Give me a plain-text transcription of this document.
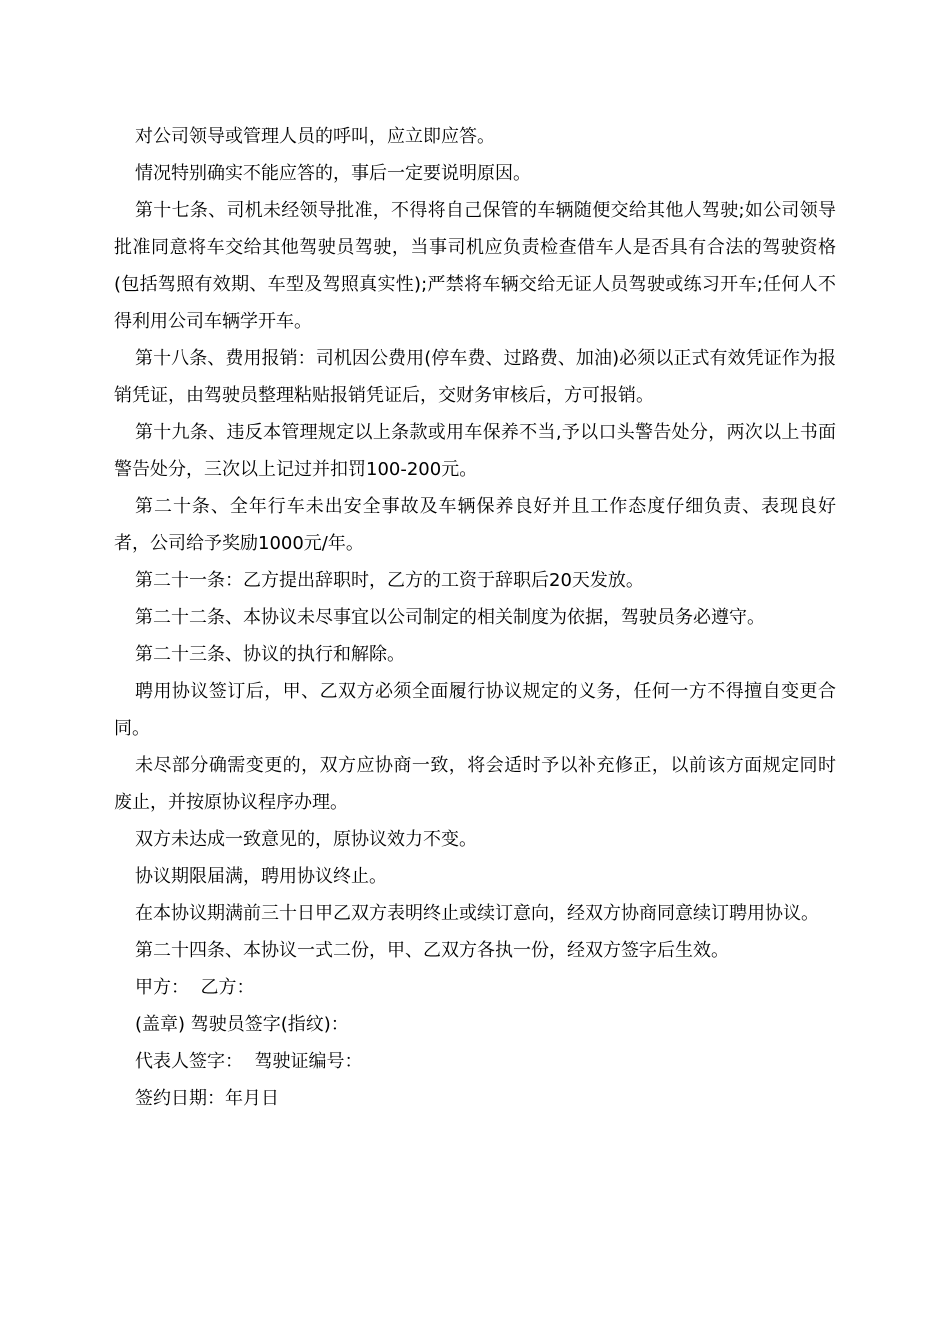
对公司领导或管理人员的呼叫，应立即应答。

情况特别确实不能应答的，事后一定要说明原因。

第十七条、司机未经领导批准，不得将自己保管的车辆随便交给其他人驾驶;如公司领导批准同意将车交给其他驾驶员驾驶，当事司机应负责检查借车人是否具有合法的驾驶资格(包括驾照有效期、车型及驾照真实性);严禁将车辆交给无证人员驾驶或练习开车;任何人不得利用公司车辆学开车。

第十八条、费用报销：司机因公费用(停车费、过路费、加油)必须以正式有效凭证作为报销凭证，由驾驶员整理粘贴报销凭证后，交财务审核后，方可报销。

第十九条、违反本管理规定以上条款或用车保养不当,予以口头警告处分，两次以上书面警告处分，三次以上记过并扣罚100-200元。

第二十条、全年行车未出安全事故及车辆保养良好并且工作态度仔细负责、表现良好者，公司给予奖励1000元/年。

第二十一条：乙方提出辞职时，乙方的工资于辞职后20天发放。

第二十二条、本协议未尽事宜以公司制定的相关制度为依据，驾驶员务必遵守。

第二十三条、协议的执行和解除。

聘用协议签订后，甲、乙双方必须全面履行协议规定的义务，任何一方不得擅自变更合同。

未尽部分确需变更的，双方应协商一致，将会适时予以补充修正，以前该方面规定同时废止，并按原协议程序办理。

双方未达成一致意见的，原协议效力不变。

协议期限届满，聘用协议终止。

在本协议期满前三十日甲乙双方表明终止或续订意向，经双方协商同意续订聘用协议。

第二十四条、本协议一式二份，甲、乙双方各执一份，经双方签字后生效。

甲方：  乙方：

(盖章) 驾驶员签字(指纹)：

代表人签字：  驾驶证编号：

签约日期：年月日
